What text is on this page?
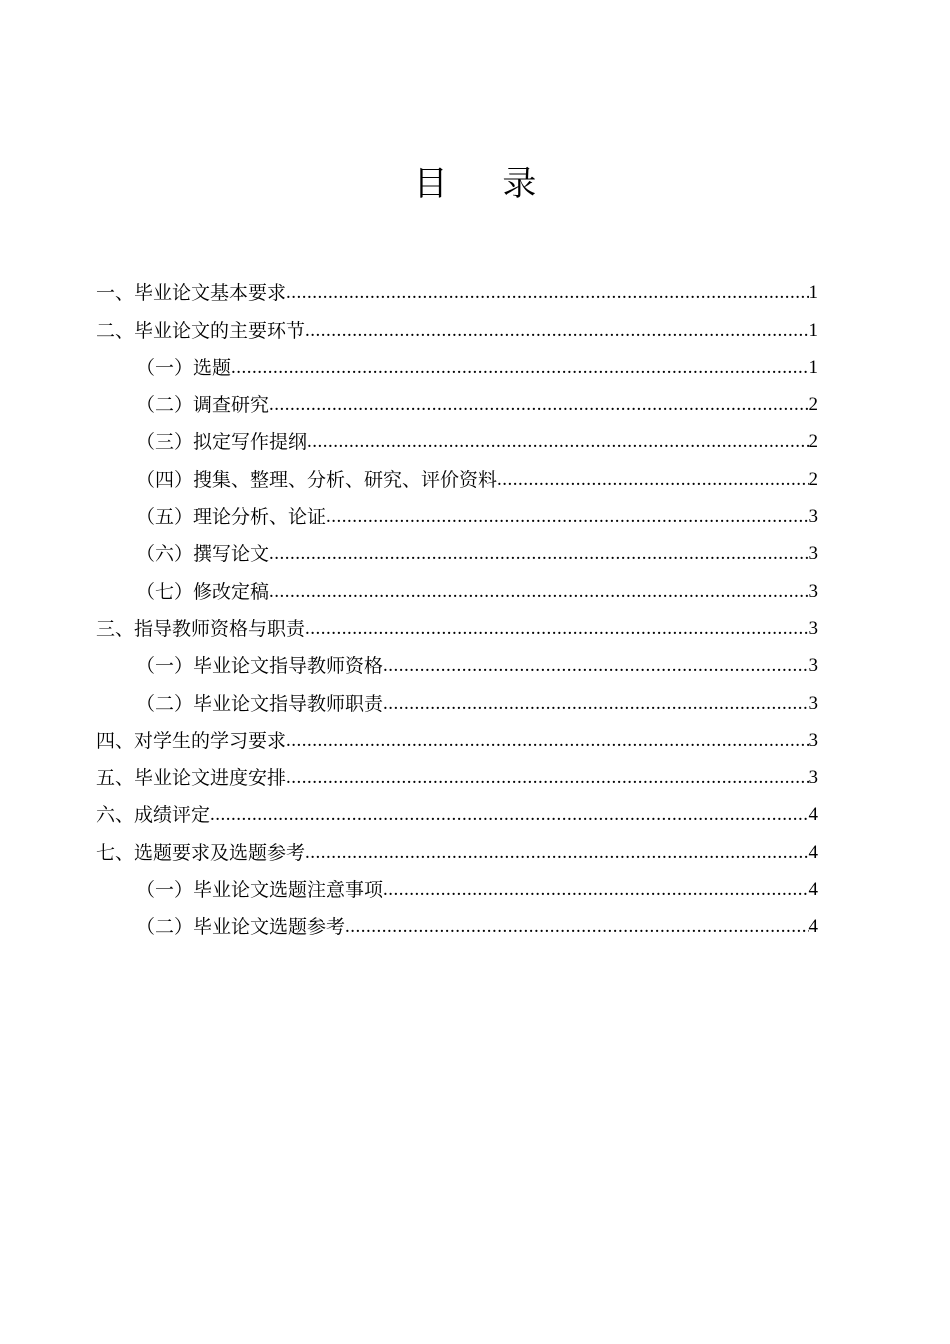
目 录
一、毕业论文基本要求 .....	1
二、毕业论文的主要环节 .....	1
（一）选题 .....	1
（二）调查研究 .....	2
（三）拟定写作提纲 .....	2
（四）搜集、整理、分析、研究、评价资料 .....	2
（五）理论分析、论证 .....	3
（六）撰写论文 .....	3
（七）修改定稿 .....	3
三、指导教师资格与职责 .....	3
（一）毕业论文指导教师资格 .....	3
（二）毕业论文指导教师职责 .....	3
四、对学生的学习要求 .....	3
五、毕业论文进度安排 .....	3
六、成绩评定 .....	4
七、选题要求及选题参考 .....	4
（一）毕业论文选题注意事项 .....	4
（二）毕业论文选题参考 .....	4
